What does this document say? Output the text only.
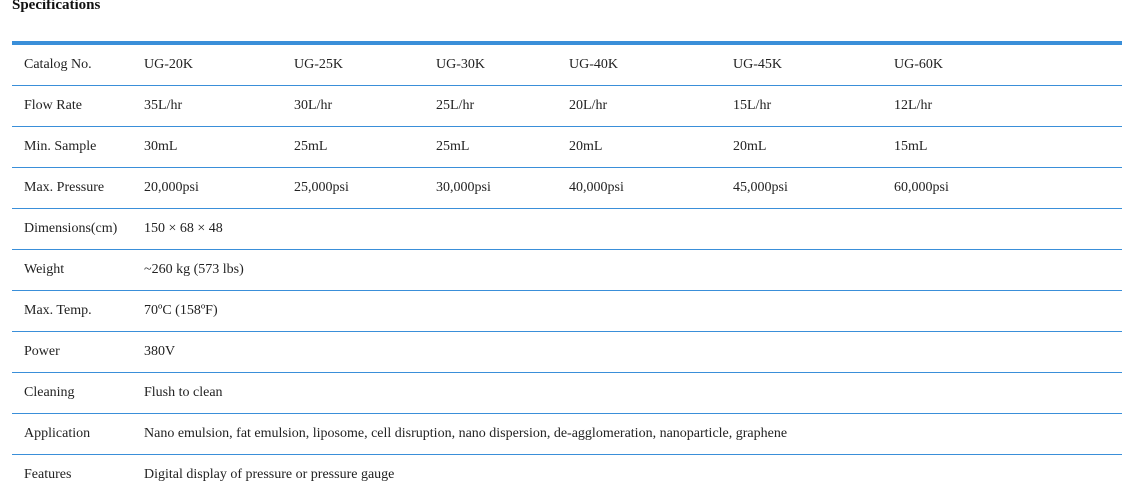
Specifications
Catalog No.	UG-20K	UG-25K	UG-30K	UG-40K	UG-45K	UG-60K
Flow Rate	35L/hr	30L/hr	25L/hr	20L/hr	15L/hr	12L/hr
Min. Sample	30mL	25mL	25mL	20mL	20mL	15mL
Max. Pressure	20,000psi	25,000psi	30,000psi	40,000psi	45,000psi	60,000psi
Dimensions(cm)	150 × 68 × 48					
Weight	~260 kg (573 lbs)					
Max. Temp.	70ºC (158ºF)					
Power	380V					
Cleaning	Flush to clean					
Application	Nano emulsion, fat emulsion, liposome, cell disruption, nano dispersion, de-agglomeration, nanoparticle, graphene					
Features	Digital display of pressure or pressure gauge					
